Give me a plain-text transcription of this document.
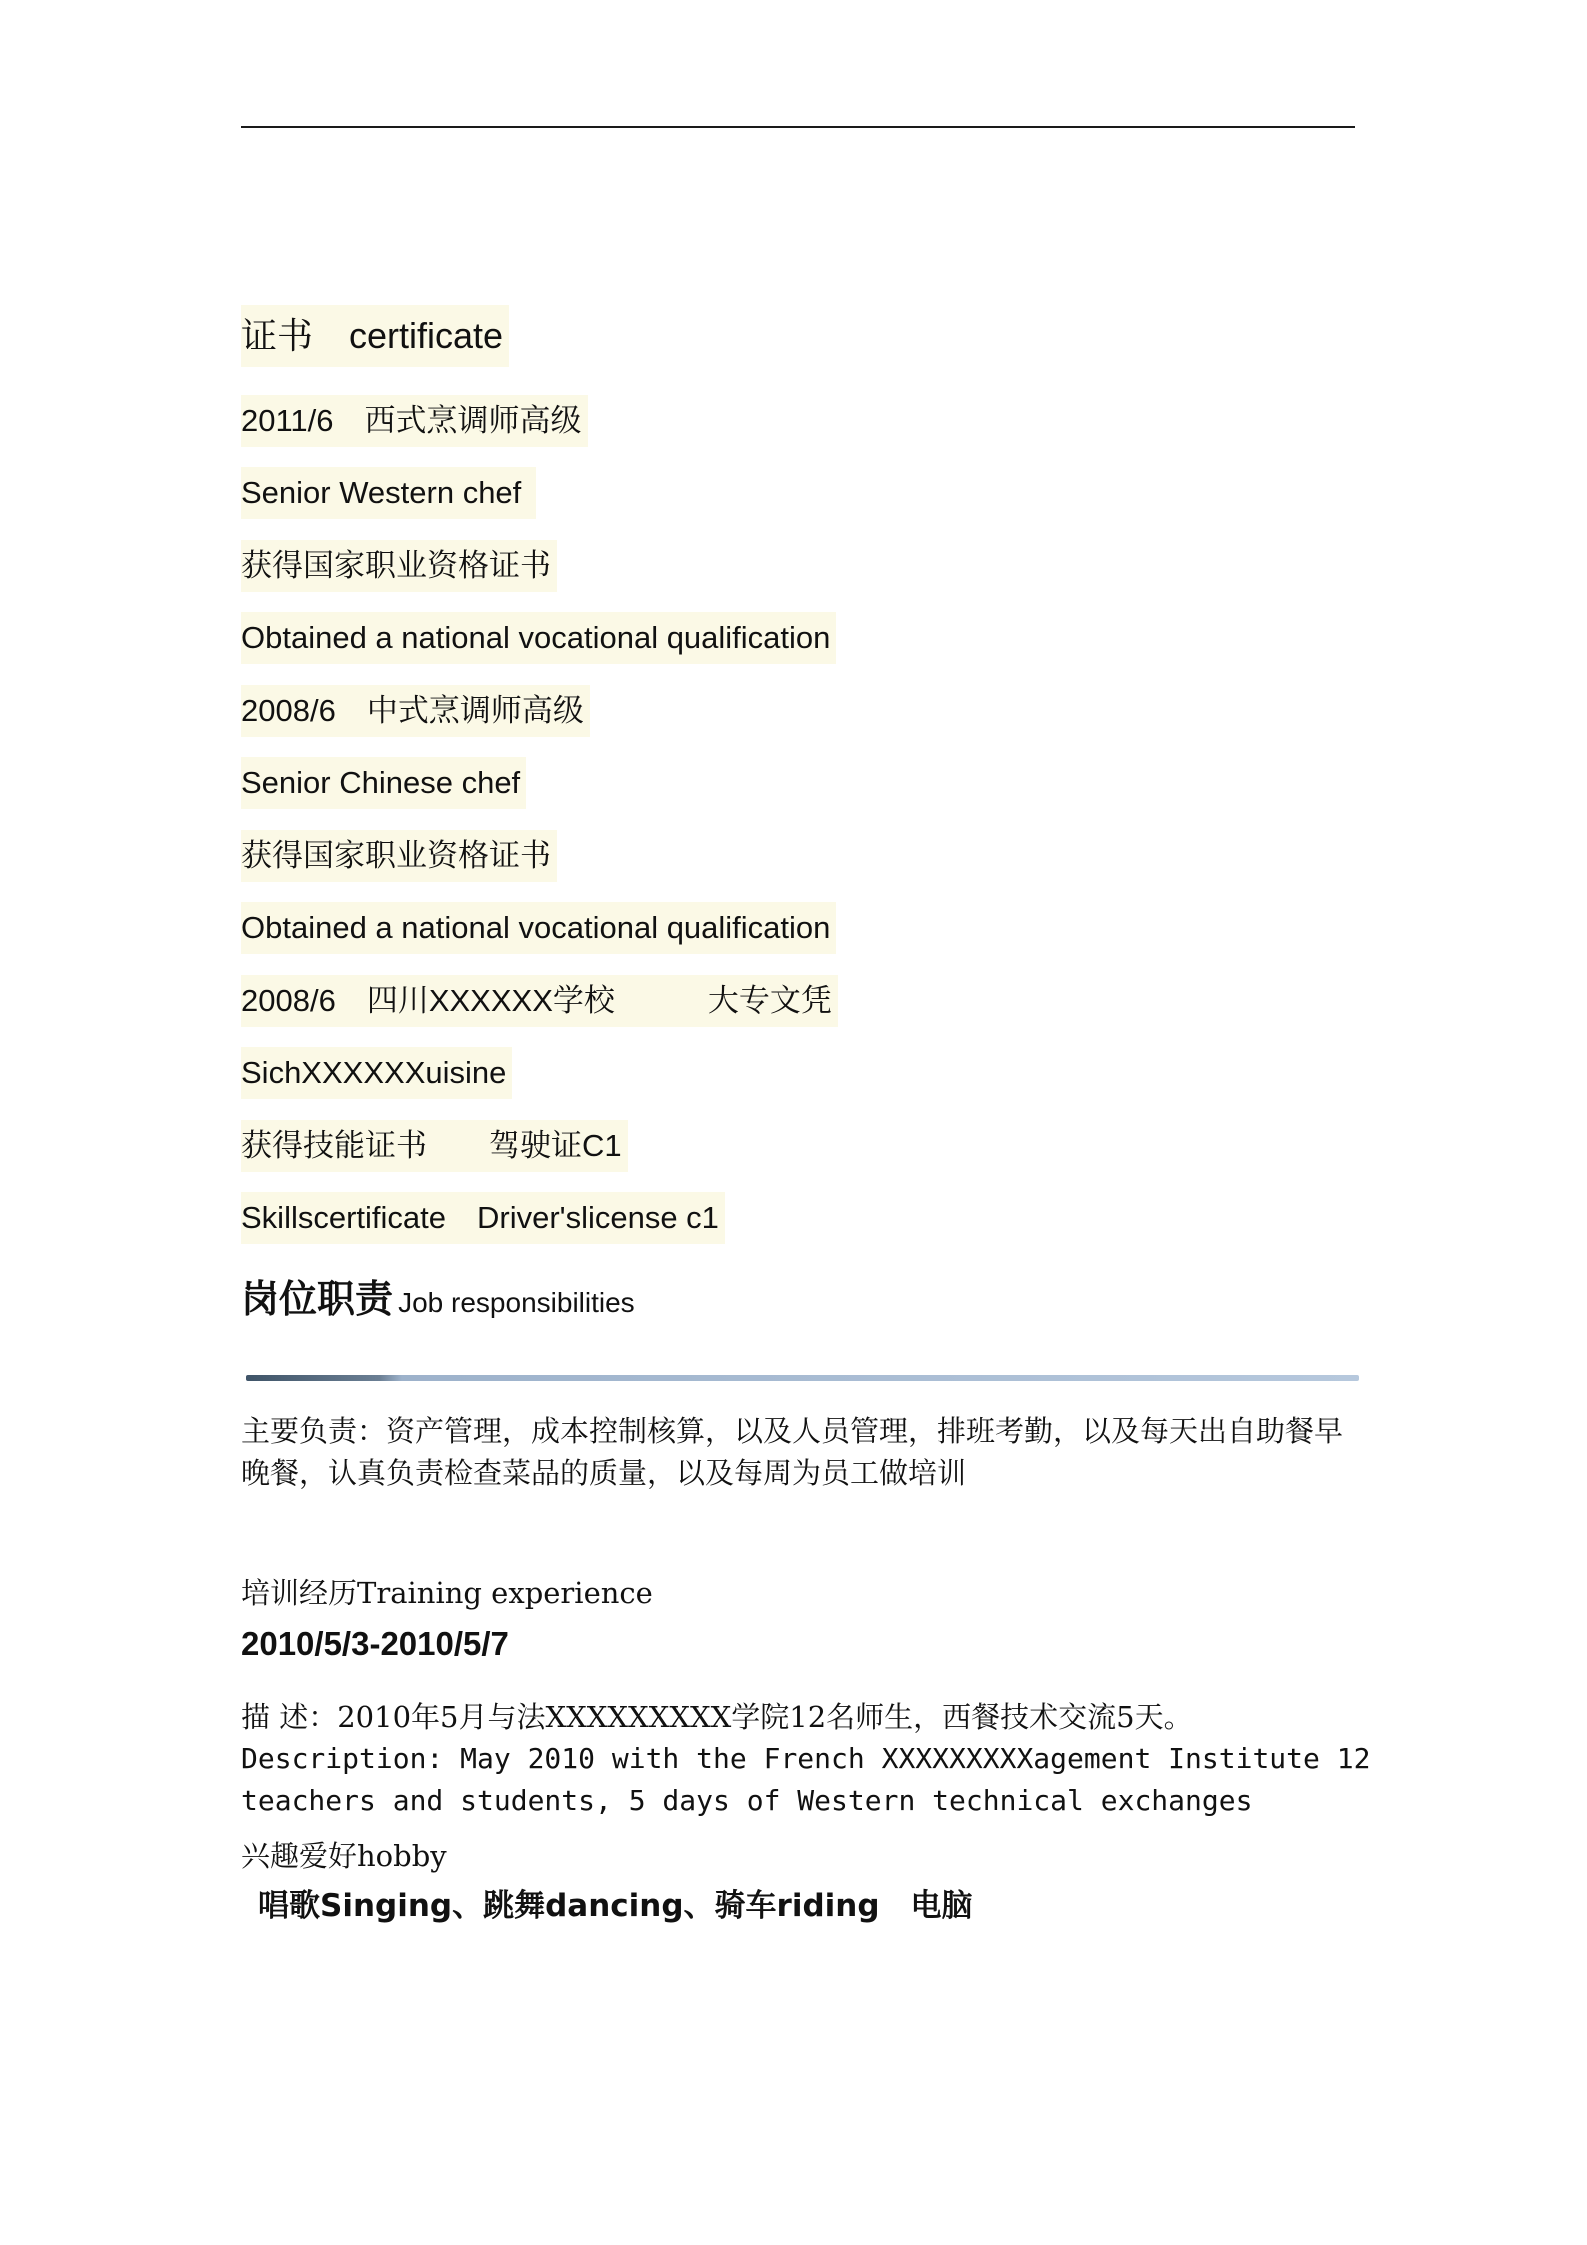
证书　certificate
2011/6　西式烹调师高级
Senior Western chef
获得国家职业资格证书
Obtained a national vocational qualification
2008/6　中式烹调师高级
Senior Chinese chef
获得国家职业资格证书
Obtained a national vocational qualification
2008/6　四川XXXXXX学校　　　大专文凭
SichXXXXXXuisine
获得技能证书　　驾驶证C1
Skillscertificate　Driver'slicense c1
岗位职责 Job responsibilities
主要负责：资产管理，成本控制核算，以及人员管理，排班考勤，以及每天出自助餐早晚餐，认真负责检查菜品的质量，以及每周为员工做培训
培训经历Training experience
2010/5/3-2010/5/7
描 述：2010年5月与法XXXXXXXXX学院12名师生，西餐技术交流5天。
Description: May 2010 with the French XXXXXXXXXagement Institute 12
teachers and students, 5 days of Western technical exchanges
兴趣爱好hobby
唱歌Singing、跳舞dancing、骑车riding　电脑
